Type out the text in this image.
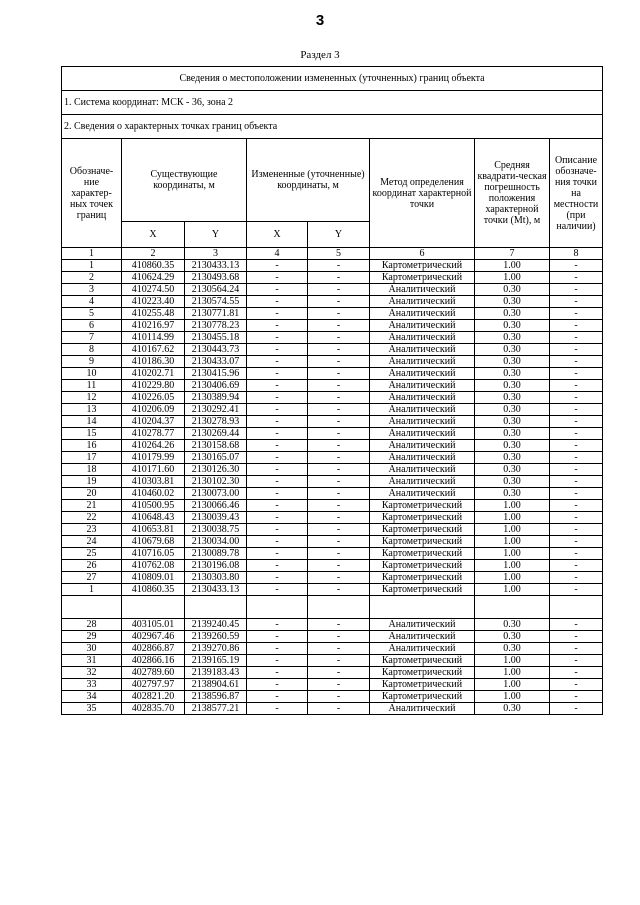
3
Раздел 3
Сведения о местоположении измененных (уточненных) границ объекта							
1. Система координат: МСК - 36, зона 2							
2. Сведения о характерных точках границ объекта							
Обозначе-ние характер-ных точек границ	Существующие координаты, м		Измененные (уточненные) координаты, м		Метод определения координат характерной точки	Средняя квадрати-ческая погрешность положения характерной точки (Mt), м	Описание обозначе-ния точки на местности (при наличии)
	X	Y	X	Y			
1	2	3	4	5	6	7	8
1	410860.35	2130433.13	-	-	Картометрический	1.00	-
2	410624.29	2130493.68	-	-	Картометрический	1.00	-
3	410274.50	2130564.24	-	-	Аналитический	0.30	-
4	410223.40	2130574.55	-	-	Аналитический	0.30	-
5	410255.48	2130771.81	-	-	Аналитический	0.30	-
6	410216.97	2130778.23	-	-	Аналитический	0.30	-
7	410114.99	2130455.18	-	-	Аналитический	0.30	-
8	410167.62	2130443.73	-	-	Аналитический	0.30	-
9	410186.30	2130433.07	-	-	Аналитический	0.30	-
10	410202.71	2130415.96	-	-	Аналитический	0.30	-
11	410229.80	2130406.69	-	-	Аналитический	0.30	-
12	410226.05	2130389.94	-	-	Аналитический	0.30	-
13	410206.09	2130292.41	-	-	Аналитический	0.30	-
14	410204.37	2130278.93	-	-	Аналитический	0.30	-
15	410278.77	2130269.44	-	-	Аналитический	0.30	-
16	410264.26	2130158.68	-	-	Аналитический	0.30	-
17	410179.99	2130165.07	-	-	Аналитический	0.30	-
18	410171.60	2130126.30	-	-	Аналитический	0.30	-
19	410303.81	2130102.30	-	-	Аналитический	0.30	-
20	410460.02	2130073.00	-	-	Аналитический	0.30	-
21	410500.95	2130066.46	-	-	Картометрический	1.00	-
22	410648.43	2130039.43	-	-	Картометрический	1.00	-
23	410653.81	2130038.75	-	-	Картометрический	1.00	-
24	410679.68	2130034.00	-	-	Картометрический	1.00	-
25	410716.05	2130089.78	-	-	Картометрический	1.00	-
26	410762.08	2130196.08	-	-	Картометрический	1.00	-
27	410809.01	2130303.80	-	-	Картометрический	1.00	-
1	410860.35	2130433.13	-	-	Картометрический	1.00	-

28	403105.01	2139240.45	-	-	Аналитический	0.30	-
29	402967.46	2139260.59	-	-	Аналитический	0.30	-
30	402866.87	2139270.86	-	-	Аналитический	0.30	-
31	402866.16	2139165.19	-	-	Картометрический	1.00	-
32	402789.60	2139183.43	-	-	Картометрический	1.00	-
33	402797.97	2138904.61	-	-	Картометрический	1.00	-
34	402821.20	2138596.87	-	-	Картометрический	1.00	-
35	402835.70	2138577.21	-	-	Аналитический	0.30	-
